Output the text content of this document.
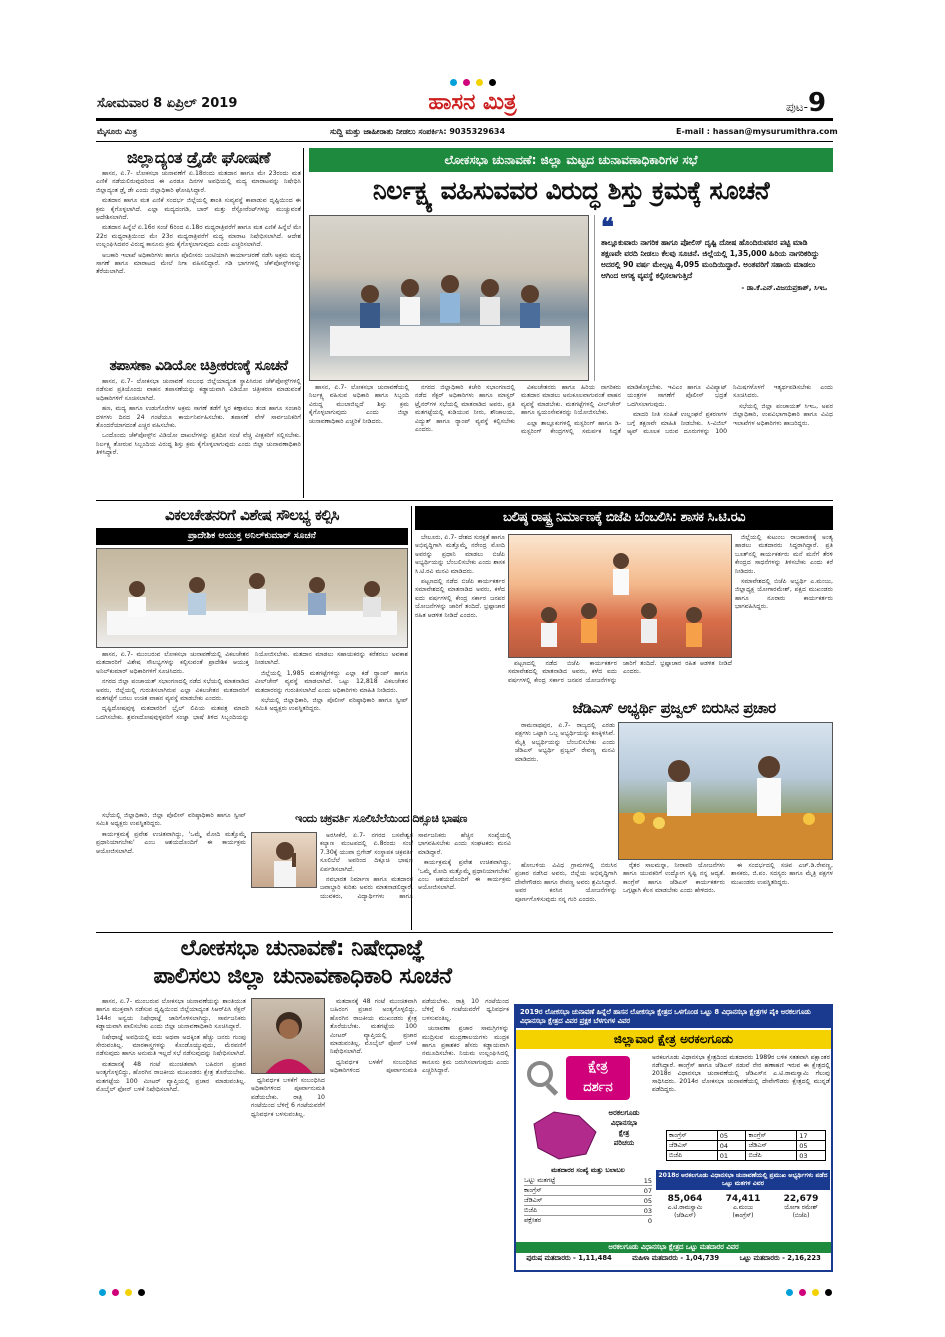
ಸೋಮವಾರ 8 ಏಪ್ರಿಲ್ 2019	ಹಾಸನ ಮಿತ್ರ	ಪುಟ-9
ಮೈಸೂರು ಮಿತ್ರ	ಸುದ್ದಿ ಮತ್ತು ಜಾಹೀರಾತು ನೀಡಲು ಸಂಪರ್ಕಿಸಿ: 9035329634	E-mail : hassan@mysurumithra.com
ಜಿಲ್ಲಾದ್ಯಂತ ಡ್ರೈಡೇ ಘೋಷಣೆ

ಹಾಸನ, ಏ.7- ಲೋಕಸಭಾ ಚುನಾವಣೆಗೆ ಏ.18ರಂದು ಮತದಾನ ಹಾಗೂ ಮೇ 23ರಂದು ಮತ ಎಣಿಕೆ ನಡೆಯಲಿರುವುದರಿಂದ ಈ ಎರಡೂ ದಿನಗಳ ಅವಧಿಯಲ್ಲಿ ಮದ್ಯ ಮಾರಾಟವನ್ನು ನಿಷೇಧಿಸಿ ಜಿಲ್ಲಾದ್ಯಂತ ಡ್ರೈ ಡೇ ಎಂದು ಜಿಲ್ಲಾಧಿಕಾರಿ ಘೋಷಿಸಿದ್ದಾರೆ.

ಮತದಾನ ಹಾಗೂ ಮತ ಎಣಿಕೆ ಸಂದರ್ಭ ಜಿಲ್ಲೆಯಲ್ಲಿ ಶಾಂತಿ ಸುವ್ಯವಸ್ಥೆ ಕಾಪಾಡುವ ದೃಷ್ಟಿಯಿಂದ ಈ ಕ್ರಮ ಕೈಗೊಳ್ಳಲಾಗಿದೆ. ಎಲ್ಲಾ ಮದ್ಯದಂಗಡಿ, ಬಾರ್ ಮತ್ತು ರೆಸ್ಟೋರೆಂಟ್‌ಗಳನ್ನು ಮುಚ್ಚುವಂತೆ ಆದೇಶಿಸಲಾಗಿದೆ.

ಮತದಾನ ಹಿನ್ನೆಲೆ ಏ.16ರ ಸಂಜೆ 6ರಿಂದ ಏ.18ರ ಮಧ್ಯರಾತ್ರಿವರೆಗೆ ಹಾಗೂ ಮತ ಎಣಿಕೆ ಹಿನ್ನೆಲೆ ಮೇ 22ರ ಮಧ್ಯರಾತ್ರಿಯಿಂದ ಮೇ 23ರ ಮಧ್ಯರಾತ್ರಿವರೆಗೆ ಮದ್ಯ ಮಾರಾಟ ನಿಷೇಧಿಸಲಾಗಿದೆ. ಆದೇಶ ಉಲ್ಲಂಘಿಸಿದವರ ವಿರುದ್ಧ ಕಾನೂನು ಕ್ರಮ ಕೈಗೊಳ್ಳಲಾಗುವುದು ಎಂದು ಎಚ್ಚರಿಸಲಾಗಿದೆ.

ಅಬಕಾರಿ ಇಲಾಖೆ ಅಧಿಕಾರಿಗಳು ಹಾಗೂ ಪೊಲೀಸರು ಜಂಟಿಯಾಗಿ ಕಾರ್ಯಾಚರಣೆ ನಡೆಸಿ ಅಕ್ರಮ ಮದ್ಯ ಸಾಗಣೆ ಹಾಗೂ ಮಾರಾಟದ ಮೇಲೆ ನಿಗಾ ವಹಿಸಲಿದ್ದಾರೆ. ಗಡಿ ಭಾಗಗಳಲ್ಲಿ ಚೆಕ್‌ಪೋಸ್ಟ್‌ಗಳನ್ನು ತೆರೆಯಲಾಗಿದೆ.

ತಪಾಸಣಾ ವಿಡಿಯೋ ಚಿತ್ರೀಕರಣಕ್ಕೆ ಸೂಚನೆ

ಹಾಸನ, ಏ.7- ಲೋಕಸಭಾ ಚುನಾವಣೆ ಸಂಬಂಧ ಜಿಲ್ಲೆಯಾದ್ಯಂತ ಸ್ಥಾಪಿಸಿರುವ ಚೆಕ್‌ಪೋಸ್ಟ್‌ಗಳಲ್ಲಿ ನಡೆಸುವ ಪ್ರತಿಯೊಂದು ವಾಹನ ತಪಾಸಣೆಯನ್ನು ಕಡ್ಡಾಯವಾಗಿ ವಿಡಿಯೋ ಚಿತ್ರೀಕರಣ ಮಾಡುವಂತೆ ಅಧಿಕಾರಿಗಳಿಗೆ ಸೂಚಿಸಲಾಗಿದೆ.

ಹಣ, ಮದ್ಯ ಹಾಗೂ ಉಡುಗೊರೆಗಳ ಅಕ್ರಮ ಸಾಗಣೆ ತಡೆಗೆ ಸ್ಥಿರ ಕಣ್ಗಾವಲು ತಂಡ ಹಾಗೂ ಸಂಚಾರಿ ದಳಗಳು ದಿನದ 24 ಗಂಟೆಯೂ ಕಾರ್ಯನಿರ್ವಹಿಸಬೇಕು. ತಪಾಸಣೆ ವೇಳೆ ಸಾರ್ವಜನಿಕರಿಗೆ ತೊಂದರೆಯಾಗದಂತೆ ಎಚ್ಚರ ವಹಿಸಬೇಕು.

ಒಂದೊಂದು ಚೆಕ್‌ಪೋಸ್ಟ್‌ನ ವಿಡಿಯೋ ದಾಖಲೆಗಳನ್ನು ಪ್ರತಿದಿನ ಸಂಜೆ ವೆಚ್ಚ ವೀಕ್ಷಕರಿಗೆ ಸಲ್ಲಿಸಬೇಕು. ನಿರ್ಲಕ್ಷ್ಯ ತೋರುವ ಸಿಬ್ಬಂದಿಯ ವಿರುದ್ಧ ಶಿಸ್ತು ಕ್ರಮ ಕೈಗೊಳ್ಳಲಾಗುವುದು ಎಂದು ಜಿಲ್ಲಾ ಚುನಾವಣಾಧಿಕಾರಿ ತಿಳಿಸಿದ್ದಾರೆ.

ಲೋಕಸಭಾ ಚುನಾವಣೆ: ಜಿಲ್ಲಾ ಮಟ್ಟದ ಚುನಾವಣಾಧಿಕಾರಿಗಳ ಸಭೆ
ನಿರ್ಲಕ್ಷ್ಯ ವಹಿಸುವವರ ವಿರುದ್ಧ ಶಿಸ್ತು ಕ್ರಮಕ್ಕೆ ಸೂಚನೆ
❝
ತಾಲ್ಲೂಕುವಾರು ನಾಗರಿಕ ಹಾಗೂ ಪೋಲಿಸ್ ದೃಷ್ಟಿ ದೋಷ ಹೊಂದಿರುವವರ ಪಟ್ಟಿ ಮಾಡಿ ತಕ್ಷಣವೇ ವರದಿ ನೀಡಲು ಕೆಲವು ಸೂಚನೆ. ಜಿಲ್ಲೆಯಲ್ಲಿ 1,35,000 ಹಿರಿಯ ನಾಗರಿಕರಿದ್ದು ಅದರಲ್ಲಿ 90 ವರ್ಷ ಮೇಲ್ಪಟ್ಟ 4,095 ಮಂದಿಯಿದ್ದಾರೆ. ಅಂತವರಿಗೆ ಸಹಾಯ ಮಾಡಲು ಆಗಿಂದ ಅಗತ್ಯ ವ್ಯವಸ್ಥೆ ಕಲ್ಪಿಸಲಾಗುತ್ತಿದೆ
- ಡಾ.ಕೆ.ಎನ್.ವಿಜಯಪ್ರಕಾಶ್, ಸಿಇಒ

ಹಾಸನ, ಏ.7- ಲೋಕಸಭಾ ಚುನಾವಣೆಯಲ್ಲಿ ನಿರ್ಲಕ್ಷ್ಯ ವಹಿಸುವ ಅಧಿಕಾರಿ ಹಾಗೂ ಸಿಬ್ಬಂದಿ ವಿರುದ್ಧ ಮುಲಾಜಿಲ್ಲದೆ ಶಿಸ್ತು ಕ್ರಮ ಕೈಗೊಳ್ಳಲಾಗುವುದು ಎಂದು ಜಿಲ್ಲಾ ಚುನಾವಣಾಧಿಕಾರಿ ಎಚ್ಚರಿಕೆ ನೀಡಿದರು.

ನಗರದ ಜಿಲ್ಲಾಧಿಕಾರಿ ಕಚೇರಿ ಸಭಾಂಗಣದಲ್ಲಿ ನಡೆದ ಸೆಕ್ಟರ್ ಅಧಿಕಾರಿಗಳು ಹಾಗೂ ಮಾಸ್ಟರ್ ಟ್ರೈನರ್‌ಗಳ ಸಭೆಯಲ್ಲಿ ಮಾತನಾಡಿದ ಅವರು, ಪ್ರತಿ ಮತಗಟ್ಟೆಯಲ್ಲಿ ಕುಡಿಯುವ ನೀರು, ಶೌಚಾಲಯ, ವಿದ್ಯುತ್ ಹಾಗೂ ರ‍್ಯಾಂಪ್ ವ್ಯವಸ್ಥೆ ಕಲ್ಪಿಸಬೇಕು ಎಂದರು.

ವಿಕಲಚೇತನರು ಹಾಗೂ ಹಿರಿಯ ನಾಗರಿಕರು ಮತದಾನ ಮಾಡಲು ಅನುಕೂಲವಾಗುವಂತೆ ವಾಹನ ವ್ಯವಸ್ಥೆ ಮಾಡಬೇಕು. ಮತಗಟ್ಟೆಗಳಲ್ಲಿ ವೀಲ್‌ಚೇರ್ ಹಾಗೂ ಸ್ವಯಂಸೇವಕರನ್ನು ನಿಯೋಜಿಸಬೇಕು.

ಎಲ್ಲಾ ತಾಲ್ಲೂಕುಗಳಲ್ಲಿ ಮಸ್ಟರಿಂಗ್ ಹಾಗೂ ಡಿ-ಮಸ್ಟರಿಂಗ್ ಕೇಂದ್ರಗಳಲ್ಲಿ ಸಮರ್ಪಕ ಸಿದ್ಧತೆ ಮಾಡಿಕೊಳ್ಳಬೇಕು. ಇವಿಎಂ ಹಾಗೂ ವಿವಿಪ್ಯಾಟ್ ಯಂತ್ರಗಳ ಸಾಗಣೆಗೆ ಪೊಲೀಸ್ ಭದ್ರತೆ ಒದಗಿಸಲಾಗುವುದು.

ಮಾದರಿ ನೀತಿ ಸಂಹಿತೆ ಉಲ್ಲಂಘನೆ ಪ್ರಕರಣಗಳ ಬಗ್ಗೆ ತಕ್ಷಣವೇ ಮಾಹಿತಿ ನೀಡಬೇಕು. ಸಿ-ವಿಜಿಲ್ ಆ್ಯಪ್ ಮೂಲಕ ಬರುವ ದೂರುಗಳನ್ನು 100 ನಿಮಿಷಗಳೊಳಗೆ ಇತ್ಯರ್ಥಪಡಿಸಬೇಕು ಎಂದು ಸೂಚಿಸಿದರು.

ಸಭೆಯಲ್ಲಿ ಜಿಲ್ಲಾ ಪಂಚಾಯತ್ ಸಿಇಒ, ಅಪರ ಜಿಲ್ಲಾಧಿಕಾರಿ, ಉಪವಿಭಾಗಾಧಿಕಾರಿ ಹಾಗೂ ವಿವಿಧ ಇಲಾಖೆಗಳ ಅಧಿಕಾರಿಗಳು ಹಾಜರಿದ್ದರು.

ವಿಕಲಚೇತನರಿಗೆ ವಿಶೇಷ ಸೌಲಭ್ಯ ಕಲ್ಪಿಸಿ
ಪ್ರಾದೇಶಿಕ ಆಯುಕ್ತ ಅನಿಲ್‌ಕುಮಾರ್ ಸೂಚನೆ

ಹಾಸನ, ಏ.7- ಮುಂಬರುವ ಲೋಕಸಭಾ ಚುನಾವಣೆಯಲ್ಲಿ ವಿಕಲಚೇತನ ಮತದಾರರಿಗೆ ವಿಶೇಷ ಸೌಲಭ್ಯಗಳನ್ನು ಕಲ್ಪಿಸುವಂತೆ ಪ್ರಾದೇಶಿಕ ಆಯುಕ್ತ ಅನಿಲ್‌ಕುಮಾರ್ ಅಧಿಕಾರಿಗಳಿಗೆ ಸೂಚಿಸಿದರು.

ನಗರದ ಜಿಲ್ಲಾ ಪಂಚಾಯತ್ ಸಭಾಂಗಣದಲ್ಲಿ ನಡೆದ ಸಭೆಯಲ್ಲಿ ಮಾತನಾಡಿದ ಅವರು, ಜಿಲ್ಲೆಯಲ್ಲಿ ಗುರುತಿಸಲಾಗಿರುವ ಎಲ್ಲಾ ವಿಕಲಚೇತನ ಮತದಾರರಿಗೆ ಮತಗಟ್ಟೆಗೆ ಬರಲು ಉಚಿತ ವಾಹನ ವ್ಯವಸ್ಥೆ ಮಾಡಬೇಕು ಎಂದರು.

ದೃಷ್ಟಿದೋಷವುಳ್ಳ ಮತದಾರರಿಗೆ ಬ್ರೈಲ್ ಲಿಪಿಯ ಮತಪತ್ರ ಮಾದರಿ ಒದಗಿಸಬೇಕು. ಶ್ರವಣದೋಷವುಳ್ಳವರಿಗೆ ಸಂಜ್ಞಾ ಭಾಷೆ ತಿಳಿದ ಸಿಬ್ಬಂದಿಯನ್ನು ನಿಯೋಜಿಸಬೇಕು. ಮತದಾನ ಮಾಡಲು ಸಹಾಯಕರನ್ನು ಕರೆತರಲು ಅವಕಾಶ ನೀಡಲಾಗಿದೆ.

ಜಿಲ್ಲೆಯಲ್ಲಿ 1,985 ಮತಗಟ್ಟೆಗಳಿದ್ದು ಎಲ್ಲಾ ಕಡೆ ರ‍್ಯಾಂಪ್ ಹಾಗೂ ವೀಲ್‌ಚೇರ್ ವ್ಯವಸ್ಥೆ ಮಾಡಲಾಗಿದೆ. ಒಟ್ಟು 12,818 ವಿಕಲಚೇತನ ಮತದಾರರನ್ನು ಗುರುತಿಸಲಾಗಿದೆ ಎಂದು ಅಧಿಕಾರಿಗಳು ಮಾಹಿತಿ ನೀಡಿದರು.

ಸಭೆಯಲ್ಲಿ ಜಿಲ್ಲಾಧಿಕಾರಿ, ಜಿಲ್ಲಾ ಪೊಲೀಸ್ ವರಿಷ್ಠಾಧಿಕಾರಿ ಹಾಗೂ ಸ್ವೀಪ್ ಸಮಿತಿ ಅಧ್ಯಕ್ಷರು ಉಪಸ್ಥಿತರಿದ್ದರು.

ಬಲಿಷ್ಠ ರಾಷ್ಟ್ರ ನಿರ್ಮಾಣಕ್ಕೆ ಬಿಜೆಪಿ ಬೆಂಬಲಿಸಿ: ಶಾಸಕ ಸಿ.ಟಿ.ರವಿ

ಬೇಲೂರು, ಏ.7- ದೇಶದ ಸುರಕ್ಷತೆ ಹಾಗೂ ಅಭಿವೃದ್ಧಿಗಾಗಿ ಮತ್ತೊಮ್ಮೆ ನರೇಂದ್ರ ಮೋದಿ ಅವರನ್ನು ಪ್ರಧಾನಿ ಮಾಡಲು ಬಿಜೆಪಿ ಅಭ್ಯರ್ಥಿಯನ್ನು ಬೆಂಬಲಿಸಬೇಕು ಎಂದು ಶಾಸಕ ಸಿ.ಟಿ.ರವಿ ಮನವಿ ಮಾಡಿದರು.

ಪಟ್ಟಣದಲ್ಲಿ ನಡೆದ ಬಿಜೆಪಿ ಕಾರ್ಯಕರ್ತರ ಸಮಾವೇಶದಲ್ಲಿ ಮಾತನಾಡಿದ ಅವರು, ಕಳೆದ ಐದು ವರ್ಷಗಳಲ್ಲಿ ಕೇಂದ್ರ ಸರ್ಕಾರ ಜನಪರ ಯೋಜನೆಗಳನ್ನು ಜಾರಿಗೆ ತಂದಿದೆ. ಭ್ರಷ್ಟಾಚಾರ ರಹಿತ ಆಡಳಿತ ನೀಡಿದೆ ಎಂದರು.

ಜಿಲ್ಲೆಯಲ್ಲಿ ಕುಟುಂಬ ರಾಜಕಾರಣಕ್ಕೆ ಅಂತ್ಯ ಹಾಡಲು ಮತದಾರರು ಸಿದ್ಧರಾಗಿದ್ದಾರೆ. ಪ್ರತಿ ಬೂತ್‌ನಲ್ಲಿ ಕಾರ್ಯಕರ್ತರು ಮನೆ ಮನೆಗೆ ತೆರಳಿ ಕೇಂದ್ರದ ಸಾಧನೆಗಳನ್ನು ತಿಳಿಸಬೇಕು ಎಂದು ಕರೆ ನೀಡಿದರು.

ಸಮಾವೇಶದಲ್ಲಿ ಬಿಜೆಪಿ ಅಭ್ಯರ್ಥಿ ಎ.ಮಂಜು, ಜಿಲ್ಲಾಧ್ಯಕ್ಷ ಯೋಗಾರಮೇಶ್, ಪಕ್ಷದ ಮುಖಂಡರು ಹಾಗೂ ನೂರಾರು ಕಾರ್ಯಕರ್ತರು ಭಾಗವಹಿಸಿದ್ದರು.

ಪಟ್ಟಣದಲ್ಲಿ ನಡೆದ ಬಿಜೆಪಿ ಕಾರ್ಯಕರ್ತರ ಸಮಾವೇಶದಲ್ಲಿ ಮಾತನಾಡಿದ ಅವರು, ಕಳೆದ ಐದು ವರ್ಷಗಳಲ್ಲಿ ಕೇಂದ್ರ ಸರ್ಕಾರ ಜನಪರ ಯೋಜನೆಗಳನ್ನು ಜಾರಿಗೆ ತಂದಿದೆ. ಭ್ರಷ್ಟಾಚಾರ ರಹಿತ ಆಡಳಿತ ನೀಡಿದೆ ಎಂದರು.

ಜೆಡಿಎಸ್ ಅಭ್ಯರ್ಥಿ ಪ್ರಜ್ವಲ್ ಬಿರುಸಿನ ಪ್ರಚಾರ

ರಾಮನಾಥಪುರ, ಏ.7- ರಾಜ್ಯದಲ್ಲಿ ಎರಡು ಪಕ್ಷಗಳು ಒಟ್ಟಾಗಿ ಒಬ್ಬ ಅಭ್ಯರ್ಥಿಯನ್ನು ಕಣಕ್ಕಿಳಿಸಿವೆ. ಮೈತ್ರಿ ಅಭ್ಯರ್ಥಿಯನ್ನು ಬೆಂಬಲಿಸಬೇಕು ಎಂದು ಜೆಡಿಎಸ್ ಅಭ್ಯರ್ಥಿ ಪ್ರಜ್ವಲ್ ರೇವಣ್ಣ ಮನವಿ ಮಾಡಿದರು.

ಹೋಬಳಿಯ ವಿವಿಧ ಗ್ರಾಮಗಳಲ್ಲಿ ಬಿರುಸಿನ ಪ್ರಚಾರ ನಡೆಸಿದ ಅವರು, ಜಿಲ್ಲೆಯ ಅಭಿವೃದ್ಧಿಗಾಗಿ ದೇವೇಗೌಡರು ಹಾಗೂ ರೇವಣ್ಣ ಅವರು ಶ್ರಮಿಸಿದ್ದಾರೆ. ಅವರ ಕನಸಿನ ಯೋಜನೆಗಳನ್ನು ಪೂರ್ಣಗೊಳಿಸುವುದು ನನ್ನ ಗುರಿ ಎಂದರು.

ರೈತರ ಸಾಲಮನ್ನಾ, ನೀರಾವರಿ ಯೋಜನೆಗಳು ಹಾಗೂ ಯುವಕರಿಗೆ ಉದ್ಯೋಗ ಸೃಷ್ಟಿ ನನ್ನ ಆದ್ಯತೆ. ಕಾಂಗ್ರೆಸ್ ಹಾಗೂ ಜೆಡಿಎಸ್ ಕಾರ್ಯಕರ್ತರು ಒಗ್ಗಟ್ಟಾಗಿ ಕೆಲಸ ಮಾಡಬೇಕು ಎಂದು ಹೇಳಿದರು.

ಈ ಸಂದರ್ಭದಲ್ಲಿ ಸಚಿವ ಎಚ್.ಡಿ.ರೇವಣ್ಣ, ಶಾಸಕರು, ಜಿ.ಪಂ. ಸದಸ್ಯರು ಹಾಗೂ ಮೈತ್ರಿ ಪಕ್ಷಗಳ ಮುಖಂಡರು ಉಪಸ್ಥಿತರಿದ್ದರು.

ಇಂದು ಚಕ್ರವರ್ತಿ ಸೂಲಿಬೆಲೆಯಿಂದ ದಿಕ್ಸೂಚಿ ಭಾಷಣ

ಸಭೆಯಲ್ಲಿ ಜಿಲ್ಲಾಧಿಕಾರಿ, ಜಿಲ್ಲಾ ಪೊಲೀಸ್ ವರಿಷ್ಠಾಧಿಕಾರಿ ಹಾಗೂ ಸ್ವೀಪ್ ಸಮಿತಿ ಅಧ್ಯಕ್ಷರು ಉಪಸ್ಥಿತರಿದ್ದರು.

ಕಾರ್ಯಕ್ರಮಕ್ಕೆ ಪ್ರವೇಶ ಉಚಿತವಾಗಿದ್ದು, 'ಒಮ್ಮೆ ಮೋದಿ ಮತ್ತೊಮ್ಮೆ ಪ್ರಧಾನಿಯಾಗಬೇಕು' ಎಂಬ ಆಶಯದೊಂದಿಗೆ ಈ ಕಾರ್ಯಕ್ರಮ ಆಯೋಜಿಸಲಾಗಿದೆ.

ಅರಸೀಕೆರೆ, ಏ.7- ನಗರದ ಬಸವೇಶ್ವರ ಕಲ್ಯಾಣ ಮಂಟಪದಲ್ಲಿ ಏ.8ರಂದು ಸಂಜೆ 7.30ಕ್ಕೆ ಯುವಾ ಬ್ರಿಗೇಡ್ ಸಂಸ್ಥಾಪಕ ಚಕ್ರವರ್ತಿ ಸೂಲಿಬೆಲೆ ಅವರಿಂದ ದಿಕ್ಸೂಚಿ ಭಾಷಣ ಏರ್ಪಡಿಸಲಾಗಿದೆ.

ನವಭಾರತ ನಿರ್ಮಾಣ ಹಾಗೂ ಮತದಾರರ ಜವಾಬ್ದಾರಿ ಕುರಿತು ಅವರು ಮಾತನಾಡಲಿದ್ದಾರೆ. ಯುವಕರು, ವಿದ್ಯಾರ್ಥಿಗಳು ಹಾಗೂ ಸಾರ್ವಜನಿಕರು ಹೆಚ್ಚಿನ ಸಂಖ್ಯೆಯಲ್ಲಿ ಭಾಗವಹಿಸಬೇಕು ಎಂದು ಸಂಘಟಕರು ಮನವಿ ಮಾಡಿದ್ದಾರೆ.

ಕಾರ್ಯಕ್ರಮಕ್ಕೆ ಪ್ರವೇಶ ಉಚಿತವಾಗಿದ್ದು, 'ಒಮ್ಮೆ ಮೋದಿ ಮತ್ತೊಮ್ಮೆ ಪ್ರಧಾನಿಯಾಗಬೇಕು' ಎಂಬ ಆಶಯದೊಂದಿಗೆ ಈ ಕಾರ್ಯಕ್ರಮ ಆಯೋಜಿಸಲಾಗಿದೆ.

ಲೋಕಸಭಾ ಚುನಾವಣೆ: ನಿಷೇಧಾಜ್ಞೆ
ಪಾಲಿಸಲು ಜಿಲ್ಲಾ ಚುನಾವಣಾಧಿಕಾರಿ ಸೂಚನೆ

ಹಾಸನ, ಏ.7- ಮುಂಬರುವ ಲೋಕಸಭಾ ಚುನಾವಣೆಯನ್ನು ಶಾಂತಿಯುತ ಹಾಗೂ ಮುಕ್ತವಾಗಿ ನಡೆಸುವ ದೃಷ್ಟಿಯಿಂದ ಜಿಲ್ಲೆಯಾದ್ಯಂತ ಸಿಆರ್‌ಪಿಸಿ ಸೆಕ್ಷನ್ 144ರ ಅನ್ವಯ ನಿಷೇಧಾಜ್ಞೆ ಜಾರಿಗೊಳಿಸಲಾಗಿದ್ದು, ಸಾರ್ವಜನಿಕರು ಕಡ್ಡಾಯವಾಗಿ ಪಾಲಿಸಬೇಕು ಎಂದು ಜಿಲ್ಲಾ ಚುನಾವಣಾಧಿಕಾರಿ ಸೂಚಿಸಿದ್ದಾರೆ.

ನಿಷೇಧಾಜ್ಞೆ ಅವಧಿಯಲ್ಲಿ ಐದು ಅಥವಾ ಅದಕ್ಕಿಂತ ಹೆಚ್ಚು ಜನರು ಗುಂಪು ಸೇರುವಂತಿಲ್ಲ. ಮಾರಕಾಸ್ತ್ರಗಳನ್ನು ಕೊಂಡೊಯ್ಯುವುದು, ಮೆರವಣಿಗೆ ನಡೆಸುವುದು ಹಾಗೂ ಅನುಮತಿ ಇಲ್ಲದೆ ಸಭೆ ನಡೆಸುವುದನ್ನು ನಿಷೇಧಿಸಲಾಗಿದೆ.

ಮತದಾನಕ್ಕೆ 48 ಗಂಟೆ ಮುಂಚಿತವಾಗಿ ಬಹಿರಂಗ ಪ್ರಚಾರ ಅಂತ್ಯಗೊಳ್ಳಲಿದ್ದು, ಹೊರಗಿನ ರಾಜಕೀಯ ಮುಖಂಡರು ಕ್ಷೇತ್ರ ತೊರೆಯಬೇಕು. ಮತಗಟ್ಟೆಯ 100 ಮೀಟರ್ ವ್ಯಾಪ್ತಿಯಲ್ಲಿ ಪ್ರಚಾರ ಮಾಡುವಂತಿಲ್ಲ. ಮೊಬೈಲ್ ಫೋನ್ ಬಳಕೆ ನಿಷೇಧಿಸಲಾಗಿದೆ.

ಧ್ವನಿವರ್ಧಕ ಬಳಕೆಗೆ ಸಂಬಂಧಿಸಿದ ಅಧಿಕಾರಿಗಳಿಂದ ಪೂರ್ವಾನುಮತಿ ಪಡೆಯಬೇಕು. ರಾತ್ರಿ 10 ಗಂಟೆಯಿಂದ ಬೆಳಿಗ್ಗೆ 6 ಗಂಟೆಯವರೆಗೆ ಧ್ವನಿವರ್ಧಕ ಬಳಸುವಂತಿಲ್ಲ.

ಮತದಾನಕ್ಕೆ 48 ಗಂಟೆ ಮುಂಚಿತವಾಗಿ ಬಹಿರಂಗ ಪ್ರಚಾರ ಅಂತ್ಯಗೊಳ್ಳಲಿದ್ದು, ಹೊರಗಿನ ರಾಜಕೀಯ ಮುಖಂಡರು ಕ್ಷೇತ್ರ ತೊರೆಯಬೇಕು. ಮತಗಟ್ಟೆಯ 100 ಮೀಟರ್ ವ್ಯಾಪ್ತಿಯಲ್ಲಿ ಪ್ರಚಾರ ಮಾಡುವಂತಿಲ್ಲ. ಮೊಬೈಲ್ ಫೋನ್ ಬಳಕೆ ನಿಷೇಧಿಸಲಾಗಿದೆ.

ಧ್ವನಿವರ್ಧಕ ಬಳಕೆಗೆ ಸಂಬಂಧಿಸಿದ ಅಧಿಕಾರಿಗಳಿಂದ ಪೂರ್ವಾನುಮತಿ ಪಡೆಯಬೇಕು. ರಾತ್ರಿ 10 ಗಂಟೆಯಿಂದ ಬೆಳಿಗ್ಗೆ 6 ಗಂಟೆಯವರೆಗೆ ಧ್ವನಿವರ್ಧಕ ಬಳಸುವಂತಿಲ್ಲ.

ಚುನಾವಣಾ ಪ್ರಚಾರ ಸಾಮಗ್ರಿಗಳನ್ನು ಮುದ್ರಿಸುವ ಮುದ್ರಣಾಲಯಗಳು ಮುದ್ರಕ ಹಾಗೂ ಪ್ರಕಾಶಕರ ಹೆಸರು ಕಡ್ಡಾಯವಾಗಿ ನಮೂದಿಸಬೇಕು. ನಿಯಮ ಉಲ್ಲಂಘಿಸಿದಲ್ಲಿ ಕಾನೂನು ಕ್ರಮ ಜರುಗಿಸಲಾಗುವುದು ಎಂದು ಎಚ್ಚರಿಸಿದ್ದಾರೆ.

2019ರ ಲೋಕಸಭಾ ಚುನಾವಣೆ ಹಿನ್ನೆಲೆ ಹಾಸನ ಲೋಕಸಭಾ ಕ್ಷೇತ್ರದ ಒಳಗೊಂಡ ಒಟ್ಟು 8 ವಿಧಾನಸಭಾ ಕ್ಷೇತ್ರಗಳ ಪೈಕಿ ಅರಕಲಗೂಡು ವಿಧಾನಸಭಾ ಕ್ಷೇತ್ರದ ವಿವರ ಪ್ರಕ್ಷಕ ಬೆಳಗುಗಳ ವಿವರ
ಜಿಲ್ಲಾವಾರ ಕ್ಷೇತ್ರ ಅರಕಲಗೂಡು
ಕ್ಷೇತ್ರ
ದರ್ಶನ
ಅರಕಲಗೂಡು
ವಿಧಾನಸಭಾ
ಕ್ಷೇತ್ರ
ಪರಿಚಯ
ಅರಕಲಗೂಡು ವಿಧಾನಸಭಾ ಕ್ಷೇತ್ರದಿಂದ ಮತದಾರರು 1989ರ ಬಳಿಕ ಸತತವಾಗಿ ಪಕ್ಷಾಂತರ ನಡೆಸಿದ್ದಾರೆ. ಕಾಂಗ್ರೆಸ್ ಹಾಗೂ ಜೆಡಿಎಸ್ ನಡುವೆ ನೇರ ಹಣಾಹಣಿ ಇರುವ ಈ ಕ್ಷೇತ್ರದಲ್ಲಿ 2018ರ ವಿಧಾನಸಭಾ ಚುನಾವಣೆಯಲ್ಲಿ ಜೆಡಿಎಸ್‌ನ ಎ.ಟಿ.ರಾಮಸ್ವಾಮಿ ಗೆಲುವು ಸಾಧಿಸಿದರು. 2014ರ ಲೋಕಸಭಾ ಚುನಾವಣೆಯಲ್ಲಿ ದೇವೇಗೌಡರು ಕ್ಷೇತ್ರದಲ್ಲಿ ಮುನ್ನಡೆ ಪಡೆದಿದ್ದರು.
ಕಾಂಗ್ರೆಸ್	05	ಕಾಂಗ್ರೆಸ್	17
ಜೆಡಿಎಸ್	04	ಜೆಡಿಎಸ್	05
ಬಿಜೆಪಿ	01	ಬಿಜೆಪಿ	03
ಮತದಾರರ ಸಂಖ್ಯೆ ಮತ್ತು ಬಲಾಬಲ
ಒಟ್ಟು ಮತಗಟ್ಟೆ	15
ಕಾಂಗ್ರೆಸ್	07
ಜೆಡಿಎಸ್	05
ಬಿಜೆಪಿ	03
ಪಕ್ಷೇತರ	0
2018ರ ಅರಕಲಗೂಡು ವಿಧಾನಸಭಾ ಚುನಾವಣೆಯಲ್ಲಿ ಪ್ರಮುಖ ಅಭ್ಯರ್ಥಿಗಳು ಪಡೆದ ಒಟ್ಟು ಮತಗಳ ವಿವರ
85,064
ಎ.ಟಿ.ರಾಮಸ್ವಾಮಿ
(ಜೆಡಿಎಸ್)
74,411
ಎ.ಮಂಜು
(ಕಾಂಗ್ರೆಸ್)
22,679
ಯೋಗಾ ರಮೇಶ್
(ಬಿಜೆಪಿ)
ಅರಕಲಗೂಡು ವಿಧಾನಸಭಾ ಕ್ಷೇತ್ರದ ಒಟ್ಟು ಮತದಾರರ ವಿವರ
ಪುರುಷ ಮತದಾರರು - 1,11,484	ಮಹಿಳಾ ಮತದಾರರು - 1,04,739	ಒಟ್ಟು ಮತದಾರರು - 2,16,223
